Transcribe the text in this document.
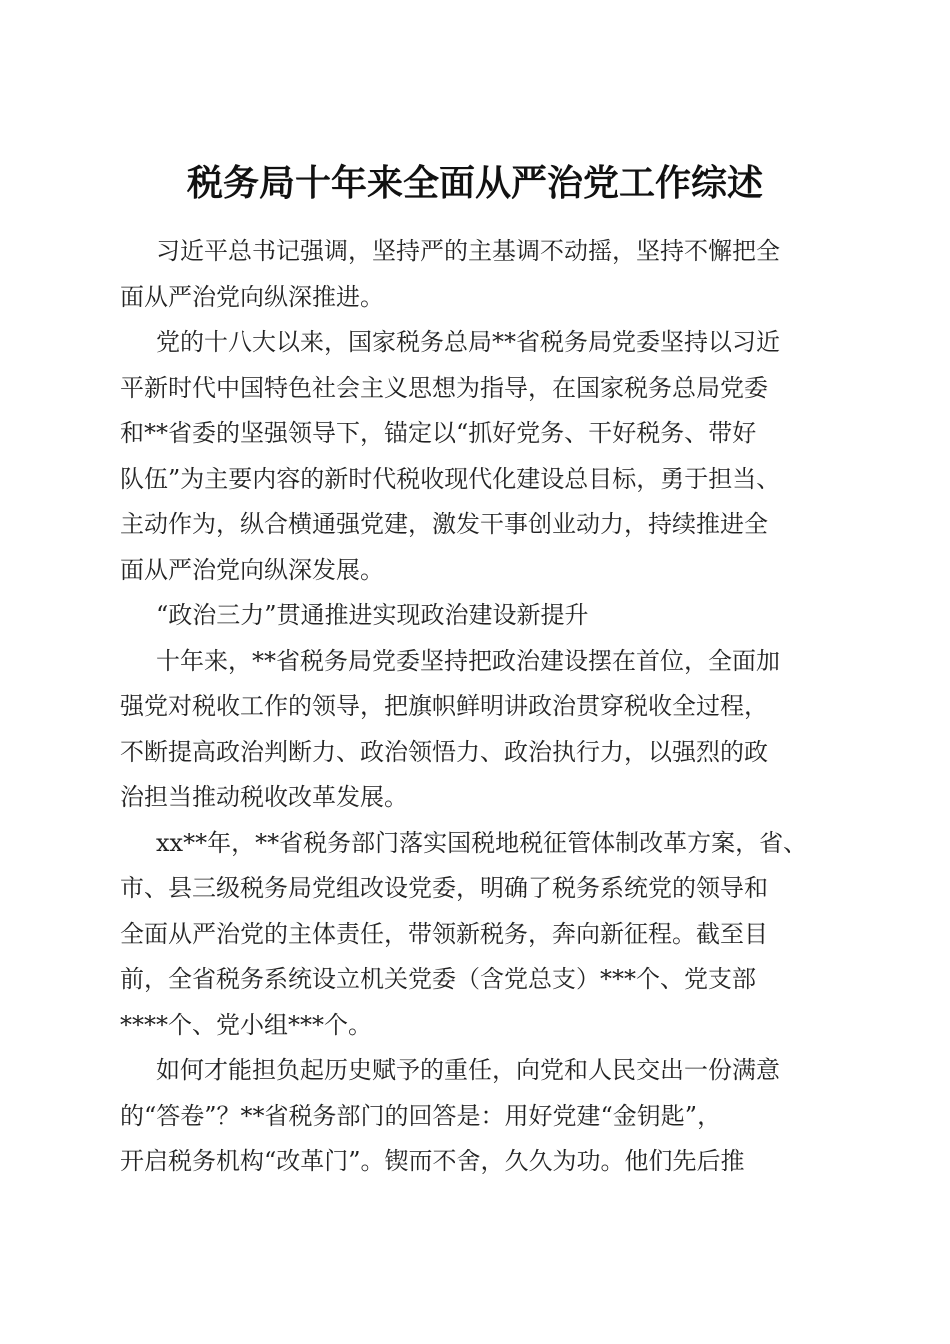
税务局十年来全面从严治党工作综述

习近平总书记强调，坚持严的主基调不动摇，坚持不懈把全
面从严治党向纵深推进。

党的十八大以来，国家税务总局**省税务局党委坚持以习近
平新时代中国特色社会主义思想为指导，在国家税务总局党委
和**省委的坚强领导下，锚定以“抓好党务、干好税务、带好
队伍”为主要内容的新时代税收现代化建设总目标，勇于担当、
主动作为，纵合横通强党建，激发干事创业动力，持续推进全
面从严治党向纵深发展。

“政治三力”贯通推进实现政治建设新提升

十年来，**省税务局党委坚持把政治建设摆在首位，全面加
强党对税收工作的领导，把旗帜鲜明讲政治贯穿税收全过程，
不断提高政治判断力、政治领悟力、政治执行力，以强烈的政
治担当推动税收改革发展。

xx**年，**省税务部门落实国税地税征管体制改革方案，省、
市、县三级税务局党组改设党委，明确了税务系统党的领导和
全面从严治党的主体责任，带领新税务，奔向新征程。截至目
前，全省税务系统设立机关党委（含党总支）***个、党支部
****个、党小组***个。

如何才能担负起历史赋予的重任，向党和人民交出一份满意
的“答卷”？**省税务部门的回答是：用好党建“金钥匙”，
开启税务机构“改革门”。锲而不舍，久久为功。他们先后推
